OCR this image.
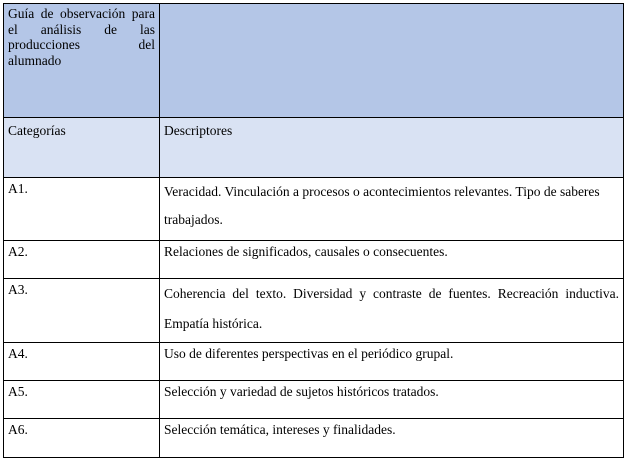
Guía de observación para el análisis de las producciones del alumnado	
Categorías	Descriptores
A1.	Veracidad. Vinculación a procesos o acontecimientos relevantes. Tipo de saberes trabajados.
A2.	Relaciones de significados, causales o consecuentes.
A3.	Coherencia del texto. Diversidad y contraste de fuentes. Recreación inductiva. Empatía histórica.
A4.	Uso de diferentes perspectivas en el periódico grupal.
A5.	Selección y variedad de sujetos históricos tratados.
A6.	Selección temática, intereses y finalidades.
